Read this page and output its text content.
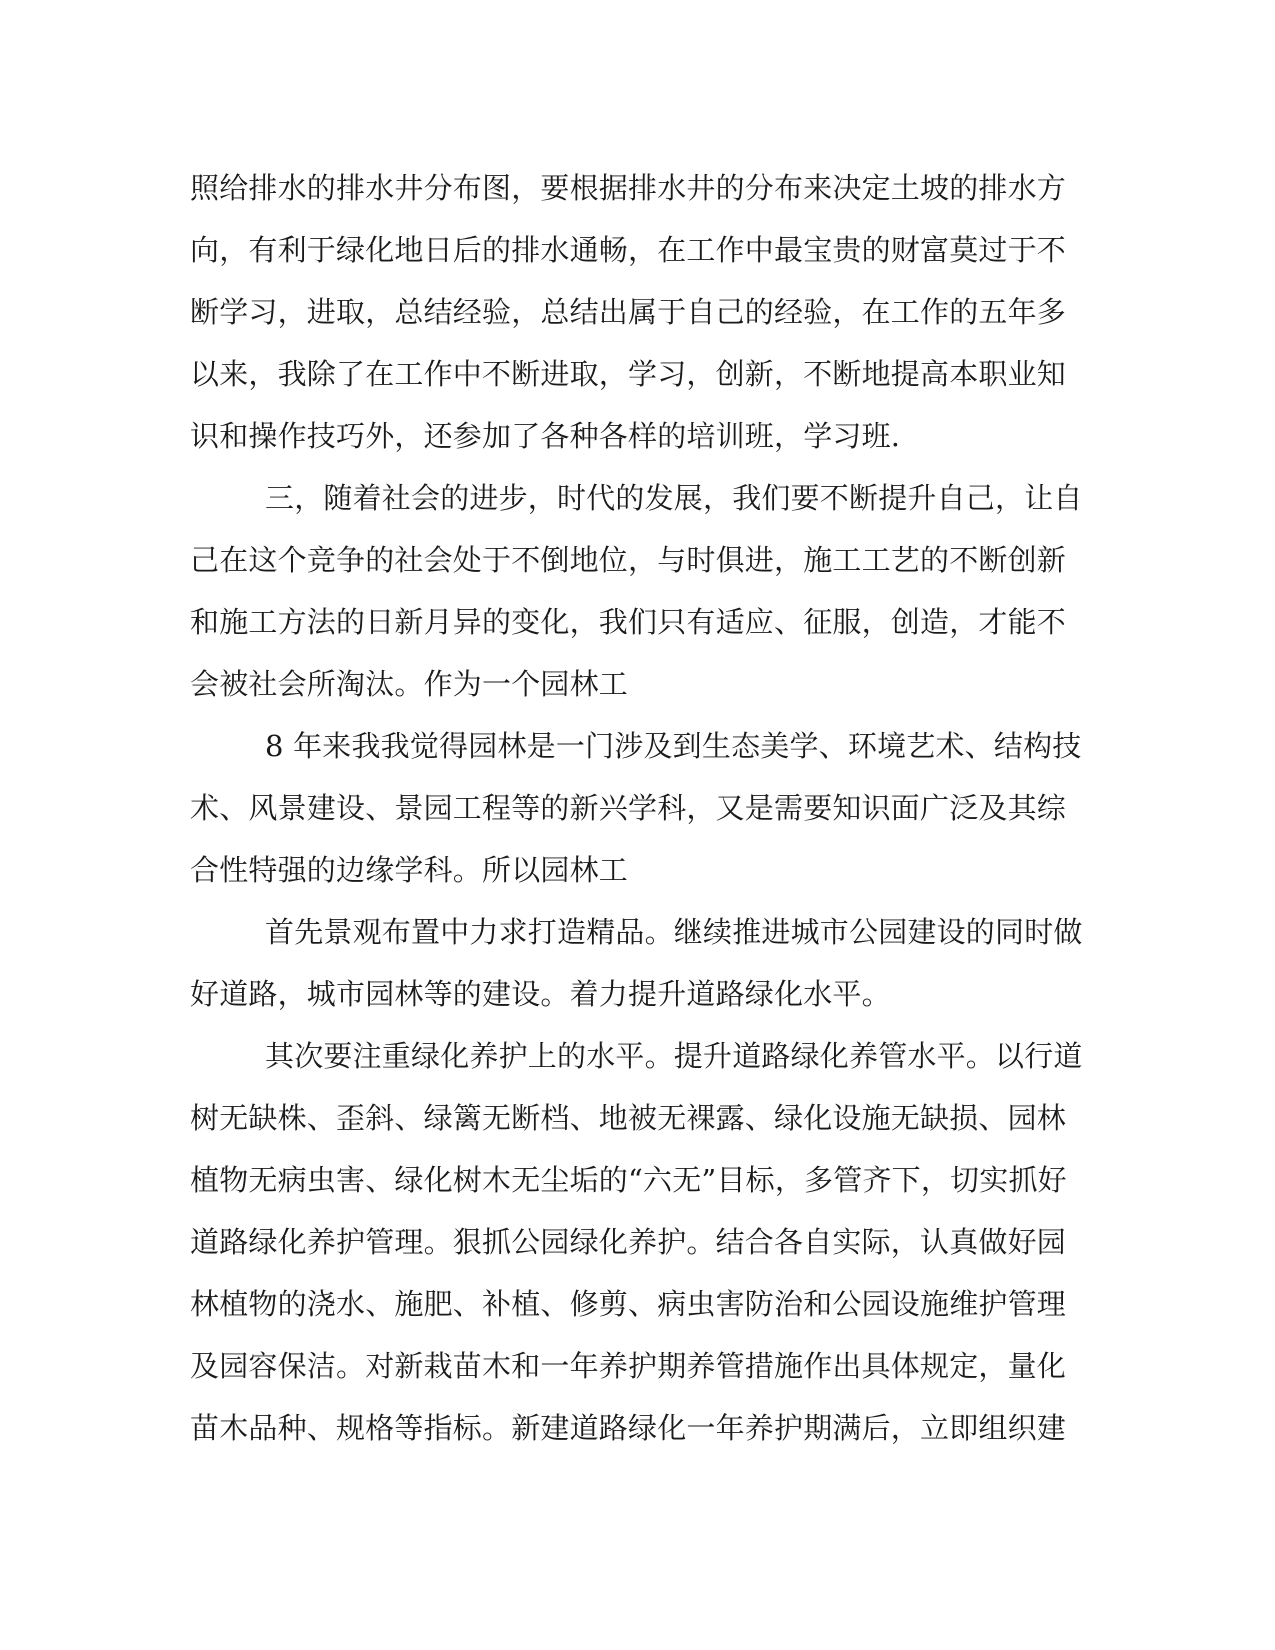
照给排水的排水井分布图，要根据排水井的分布来决定土坡的排水方
向，有利于绿化地日后的排水通畅，在工作中最宝贵的财富莫过于不
断学习，进取，总结经验，总结出属于自己的经验，在工作的五年多
以来，我除了在工作中不断进取，学习，创新，不断地提高本职业知
识和操作技巧外，还参加了各种各样的培训班，学习班.
三，随着社会的进步，时代的发展，我们要不断提升自己，让自
己在这个竞争的社会处于不倒地位，与时俱进，施工工艺的不断创新
和施工方法的日新月异的变化，我们只有适应、征服，创造，才能不
会被社会所淘汰。作为一个园林工
8 年来我我觉得园林是一门涉及到生态美学、环境艺术、结构技
术、风景建设、景园工程等的新兴学科，又是需要知识面广泛及其综
合性特强的边缘学科。所以园林工
首先景观布置中力求打造精品。继续推进城市公园建设的同时做
好道路，城市园林等的建设。着力提升道路绿化水平。
其次要注重绿化养护上的水平。提升道路绿化养管水平。以行道
树无缺株、歪斜、绿篱无断档、地被无裸露、绿化设施无缺损、园林
植物无病虫害、绿化树木无尘垢的“六无”目标，多管齐下，切实抓好
道路绿化养护管理。狠抓公园绿化养护。结合各自实际，认真做好园
林植物的浇水、施肥、补植、修剪、病虫害防治和公园设施维护管理
及园容保洁。对新栽苗木和一年养护期养管措施作出具体规定，量化
苗木品种、规格等指标。新建道路绿化一年养护期满后，立即组织建
